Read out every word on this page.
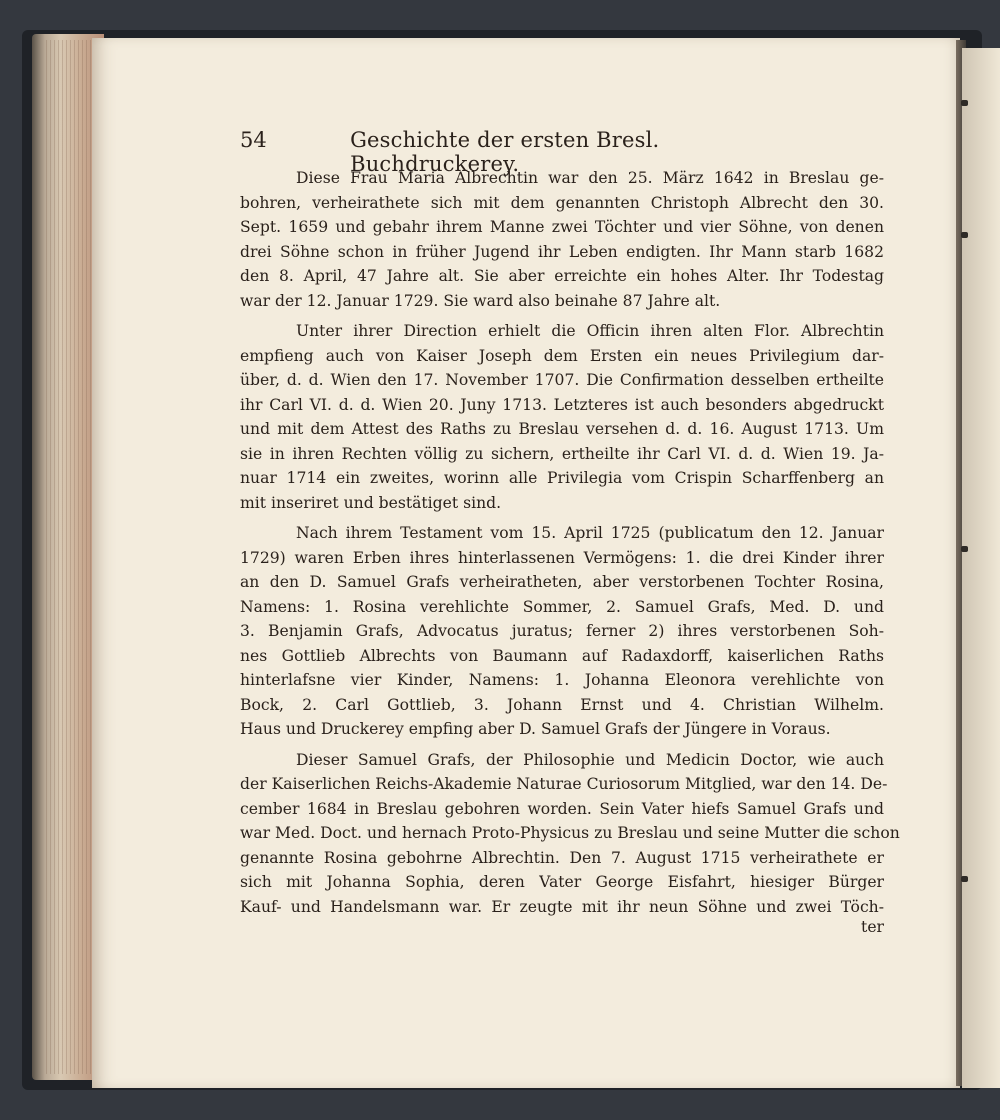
54	Geschichte der ersten Bresl. Buchdruckerey.
Diese Frau Maria Albrechtin war den 25. März 1642 in Breslau ge-
bohren, verheirathete sich mit dem genannten Christoph Albrecht den 30.
Sept. 1659 und gebahr ihrem Manne zwei Töchter und vier Söhne, von denen
drei Söhne schon in früher Jugend ihr Leben endigten. Ihr Mann starb 1682
den 8. April, 47 Jahre alt. Sie aber erreichte ein hohes Alter. Ihr Todestag
war der 12. Januar 1729. Sie ward also beinahe 87 Jahre alt.
Unter ihrer Direction erhielt die Officin ihren alten Flor. Albrechtin
empfieng auch von Kaiser Joseph dem Ersten ein neues Privilegium dar-
über, d. d. Wien den 17. November 1707. Die Confirmation desselben ertheilte
ihr Carl VI. d. d. Wien 20. Juny 1713. Letzteres ist auch besonders abgedruckt
und mit dem Attest des Raths zu Breslau versehen d. d. 16. August 1713. Um
sie in ihren Rechten völlig zu sichern, ertheilte ihr Carl VI. d. d. Wien 19. Ja-
nuar 1714 ein zweites, worinn alle Privilegia vom Crispin Scharffenberg an
mit inseriret und bestätiget sind.
Nach ihrem Testament vom 15. April 1725 (publicatum den 12. Januar
1729) waren Erben ihres hinterlassenen Vermögens: 1. die drei Kinder ihrer
an den D. Samuel Grafs verheiratheten, aber verstorbenen Tochter Rosina,
Namens: 1. Rosina verehlichte Sommer, 2. Samuel Grafs, Med. D. und
3. Benjamin Grafs, Advocatus juratus; ferner 2) ihres verstorbenen Soh-
nes Gottlieb Albrechts von Baumann auf Radaxdorff, kaiserlichen Raths
hinterlafsne vier Kinder, Namens: 1. Johanna Eleonora verehlichte von
Bock, 2. Carl Gottlieb, 3. Johann Ernst und 4. Christian Wilhelm.
Haus und Druckerey empfing aber D. Samuel Grafs der Jüngere in Voraus.
Dieser Samuel Grafs, der Philosophie und Medicin Doctor, wie auch
der Kaiserlichen Reichs-Akademie Naturae Curiosorum Mitglied, war den 14. De-
cember 1684 in Breslau gebohren worden. Sein Vater hiefs Samuel Grafs und
war Med. Doct. und hernach Proto-Physicus zu Breslau und seine Mutter die schon
genannte Rosina gebohrne Albrechtin. Den 7. August 1715 verheirathete er
sich mit Johanna Sophia, deren Vater George Eisfahrt, hiesiger Bürger
Kauf- und Handelsmann war. Er zeugte mit ihr neun Söhne und zwei Töch-
ter
